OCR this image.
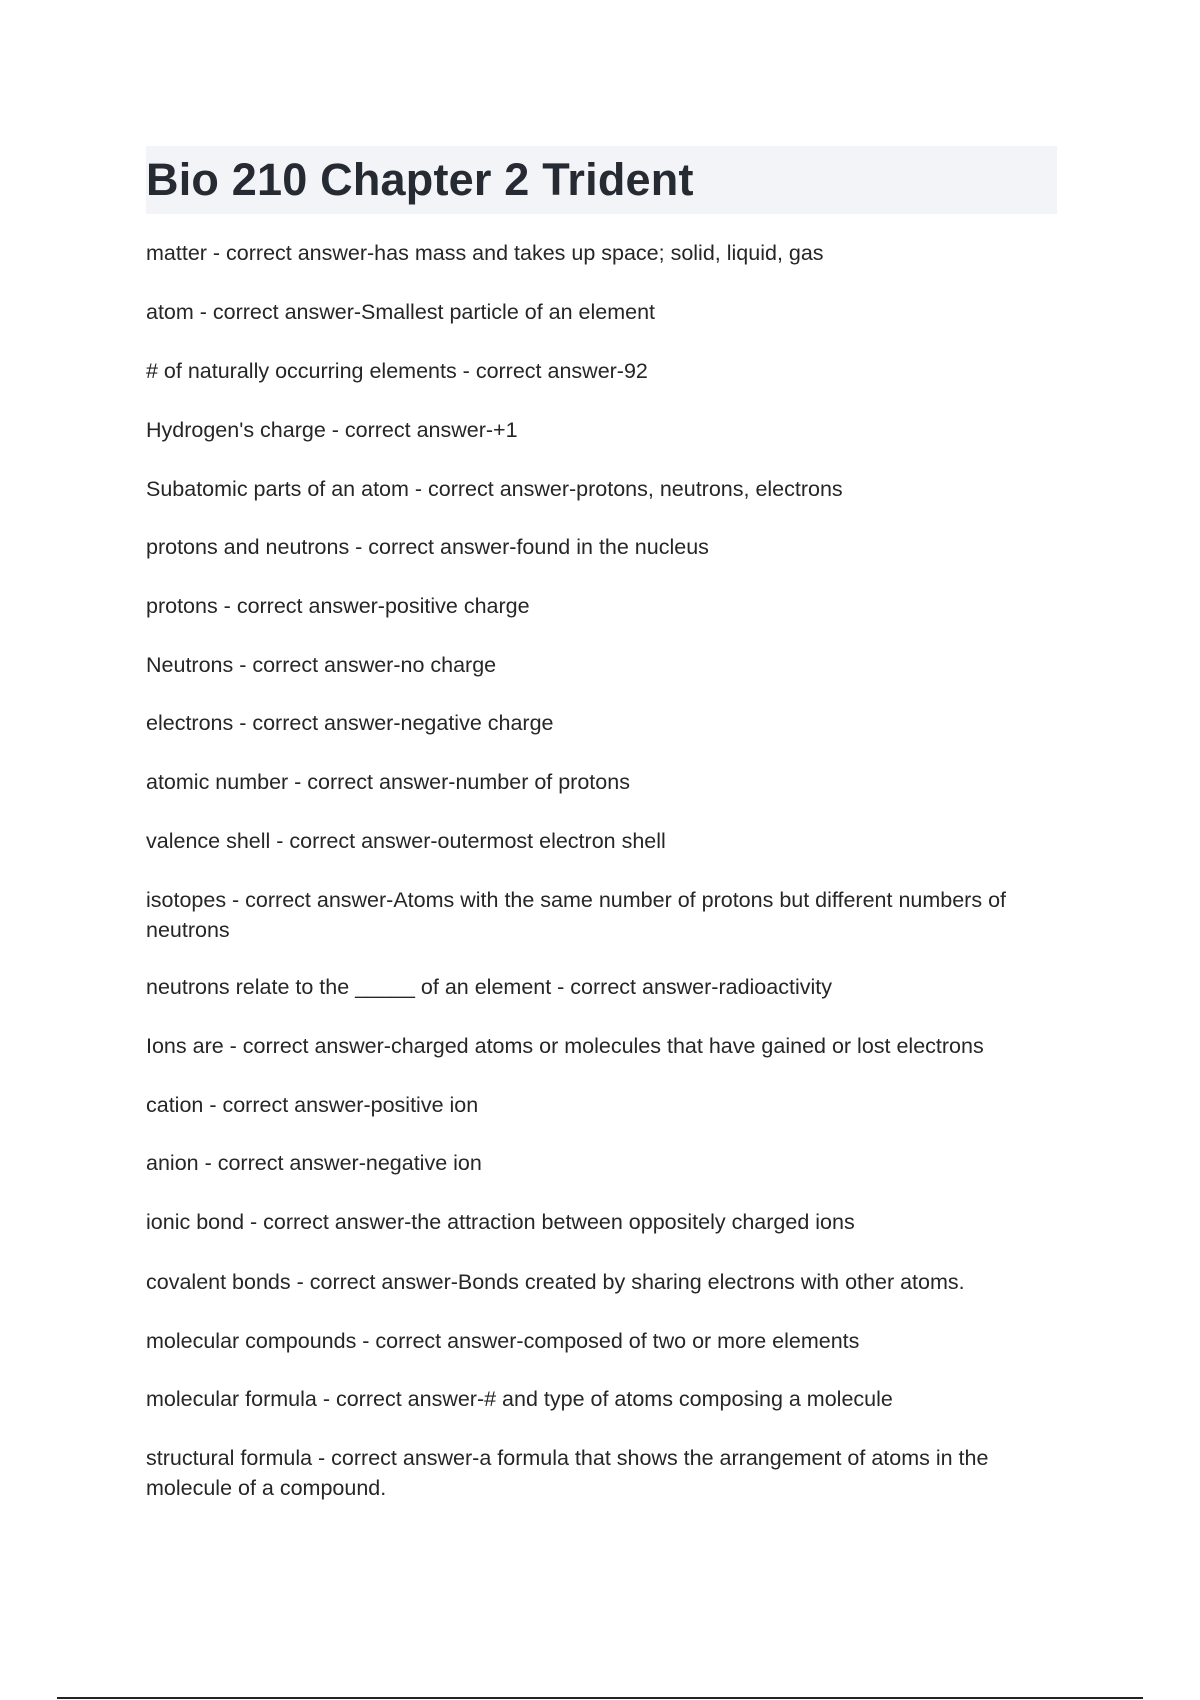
Bio 210 Chapter 2 Trident
matter - correct answer-has mass and takes up space; solid, liquid, gas
atom - correct answer-Smallest particle of an element
# of naturally occurring elements - correct answer-92
Hydrogen's charge - correct answer-+1
Subatomic parts of an atom - correct answer-protons, neutrons, electrons
protons and neutrons - correct answer-found in the nucleus
protons - correct answer-positive charge
Neutrons - correct answer-no charge
electrons - correct answer-negative charge
atomic number - correct answer-number of protons
valence shell - correct answer-outermost electron shell
isotopes - correct answer-Atoms with the same number of protons but different numbers of neutrons
neutrons relate to the _____ of an element - correct answer-radioactivity
Ions are - correct answer-charged atoms or molecules that have gained or lost electrons
cation - correct answer-positive ion
anion - correct answer-negative ion
ionic bond - correct answer-the attraction between oppositely charged ions
covalent bonds - correct answer-Bonds created by sharing electrons with other atoms.
molecular compounds - correct answer-composed of two or more elements
molecular formula - correct answer-# and type of atoms composing a molecule
structural formula - correct answer-a formula that shows the arrangement of atoms in the molecule of a compound.
